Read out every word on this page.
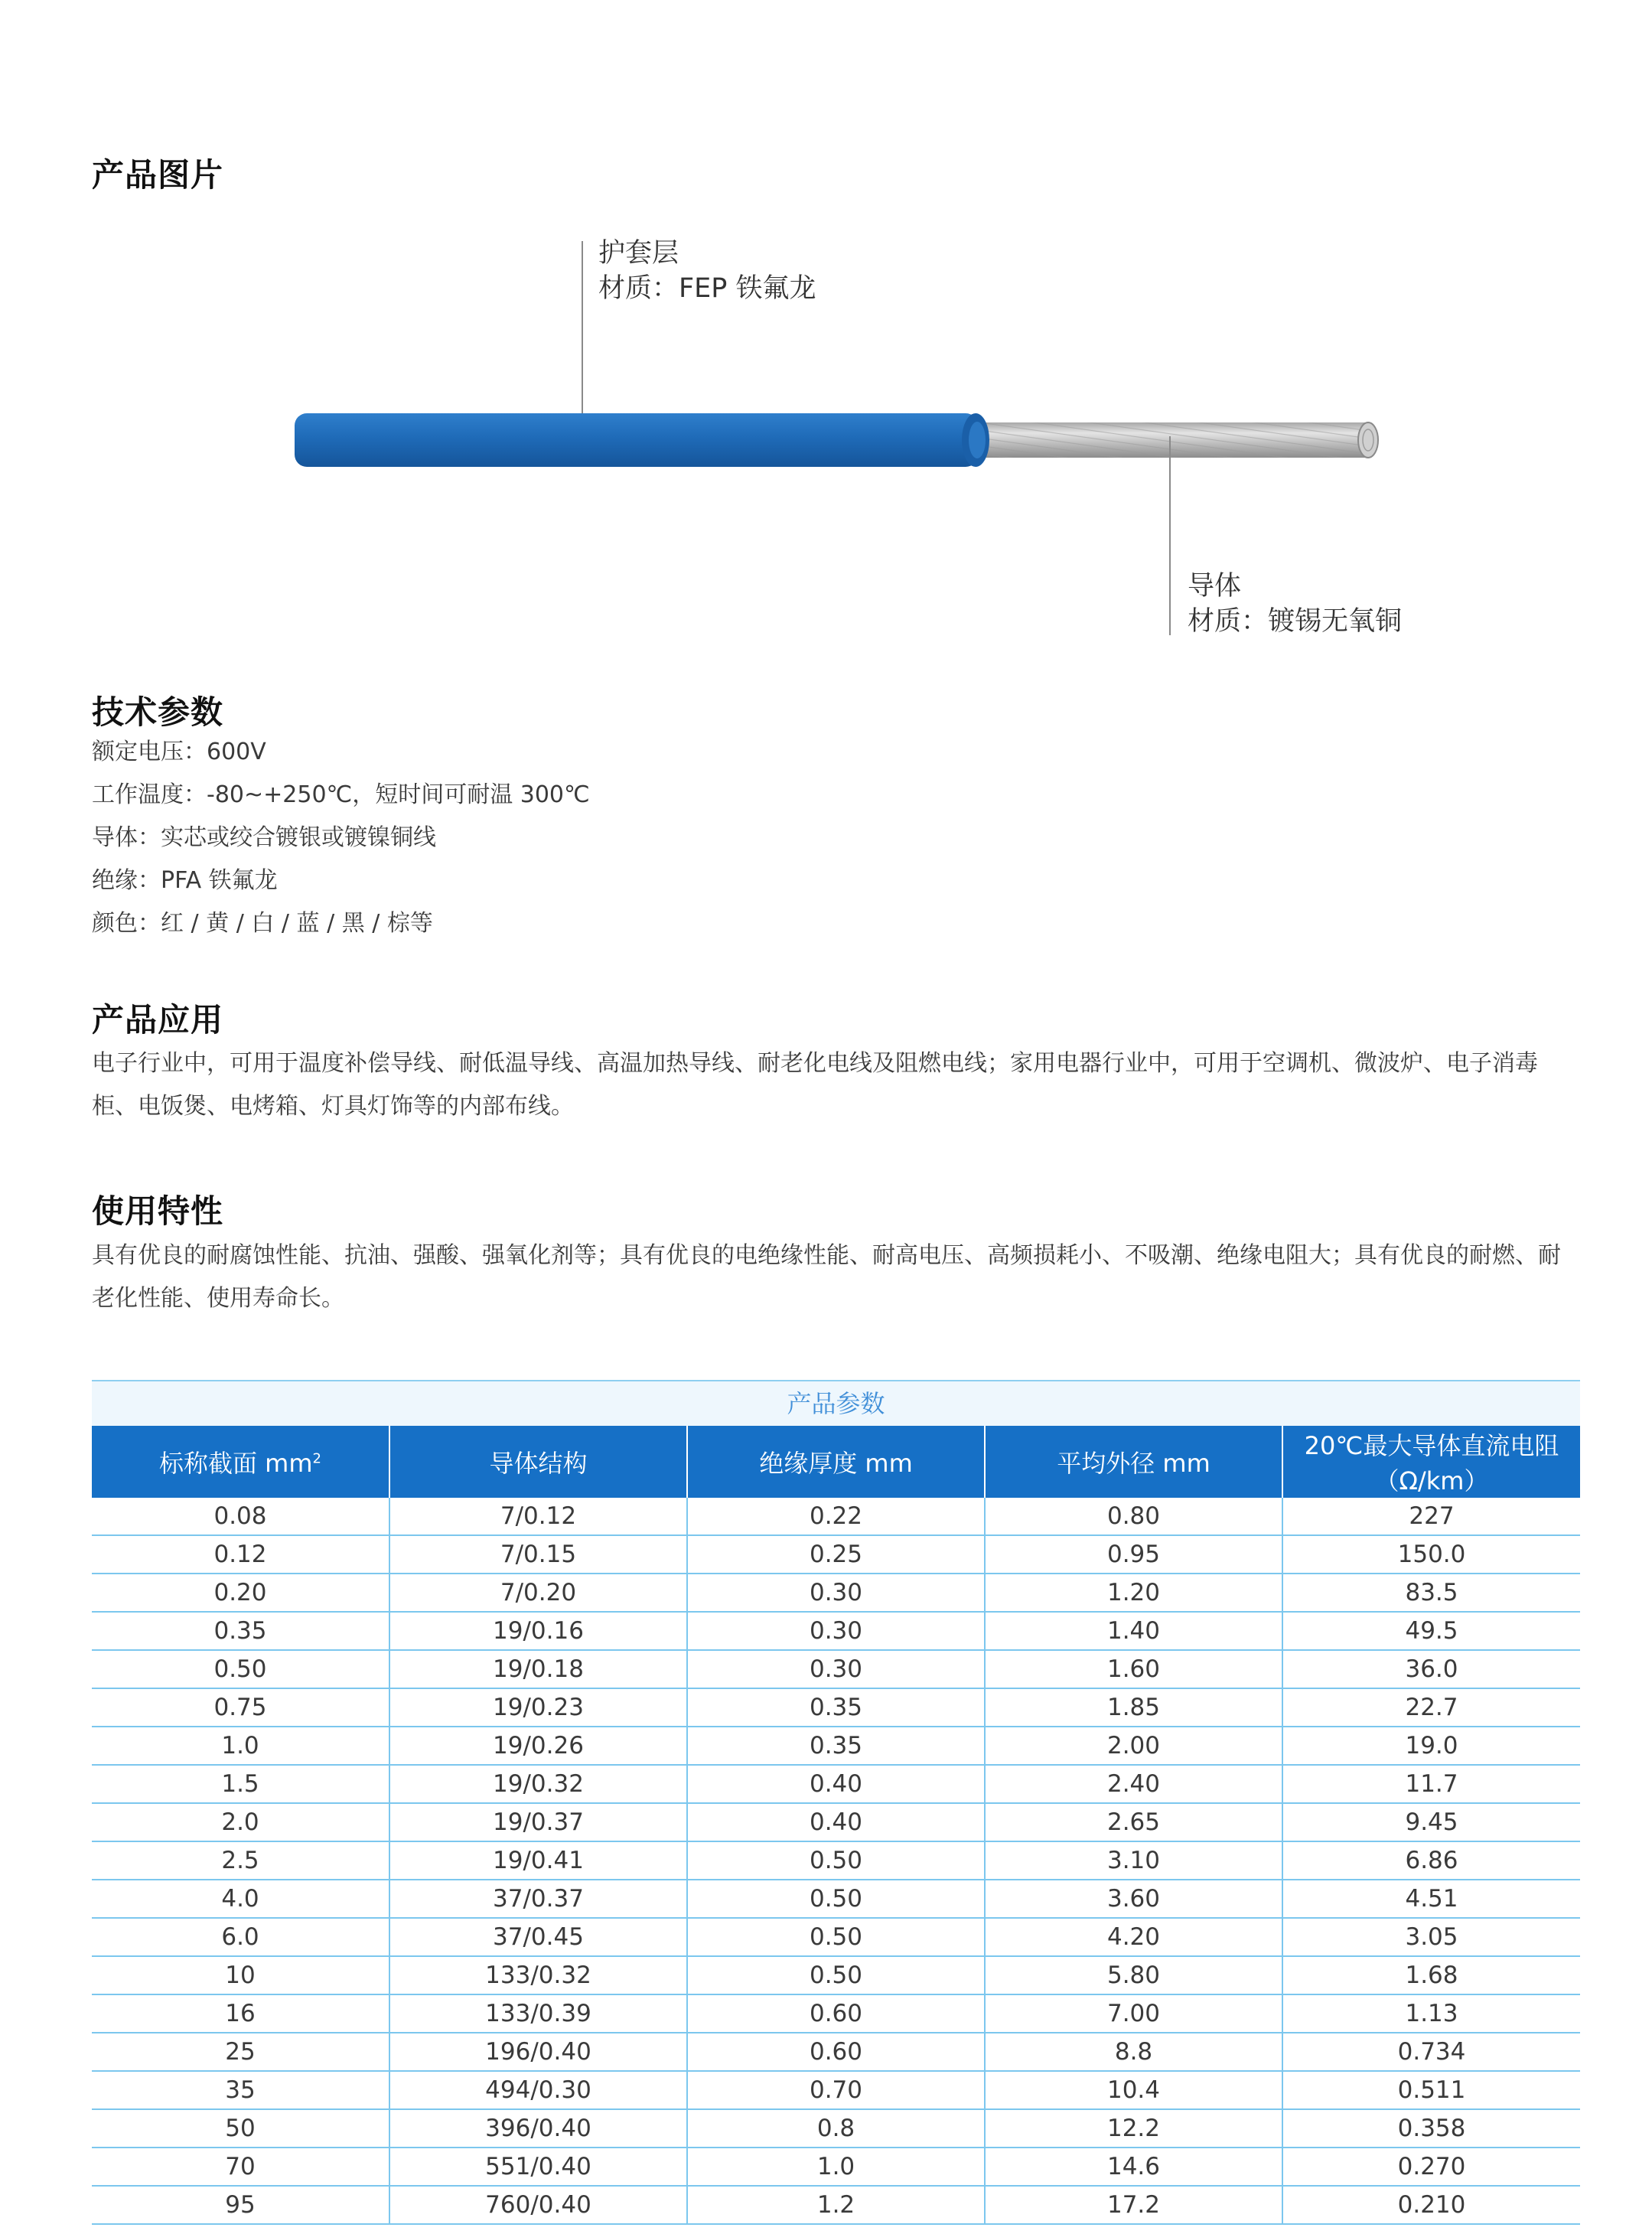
产品图片
护套层
材质：FEP 铁氟龙
导体
材质：镀锡无氧铜
技术参数
额定电压：600V
工作温度：-80~+250℃，短时间可耐温 300℃
导体：实芯或绞合镀银或镀镍铜线
绝缘：PFA 铁氟龙
颜色：红 / 黄 / 白 / 蓝 / 黑 / 棕等
产品应用
电子行业中，可用于温度补偿导线、耐低温导线、高温加热导线、耐老化电线及阻燃电线；家用电器行业中，可用于空调机、微波炉、电子消毒柜、电饭煲、电烤箱、灯具灯饰等的内部布线。
使用特性
具有优良的耐腐蚀性能、抗油、强酸、强氧化剂等；具有优良的电绝缘性能、耐高电压、高频损耗小、不吸潮、绝缘电阻大；具有优良的耐燃、耐老化性能、使用寿命长。
产品参数
标称截面 $mm^2$	导体结构	绝缘厚度 mm	平均外径 mm	20℃最大导体直流电阻（Ω/km）
0.08	7/0.12	0.22	0.80	227
0.12	7/0.15	0.25	0.95	150.0
0.20	7/0.20	0.30	1.20	83.5
0.35	19/0.16	0.30	1.40	49.5
0.50	19/0.18	0.30	1.60	36.0
0.75	19/0.23	0.35	1.85	22.7
1.0	19/0.26	0.35	2.00	19.0
1.5	19/0.32	0.40	2.40	11.7
2.0	19/0.37	0.40	2.65	9.45
2.5	19/0.41	0.50	3.10	6.86
4.0	37/0.37	0.50	3.60	4.51
6.0	37/0.45	0.50	4.20	3.05
10	133/0.32	0.50	5.80	1.68
16	133/0.39	0.60	7.00	1.13
25	196/0.40	0.60	8.8	0.734
35	494/0.30	0.70	10.4	0.511
50	396/0.40	0.8	12.2	0.358
70	551/0.40	1.0	14.6	0.270
95	760/0.40	1.2	17.2	0.210
